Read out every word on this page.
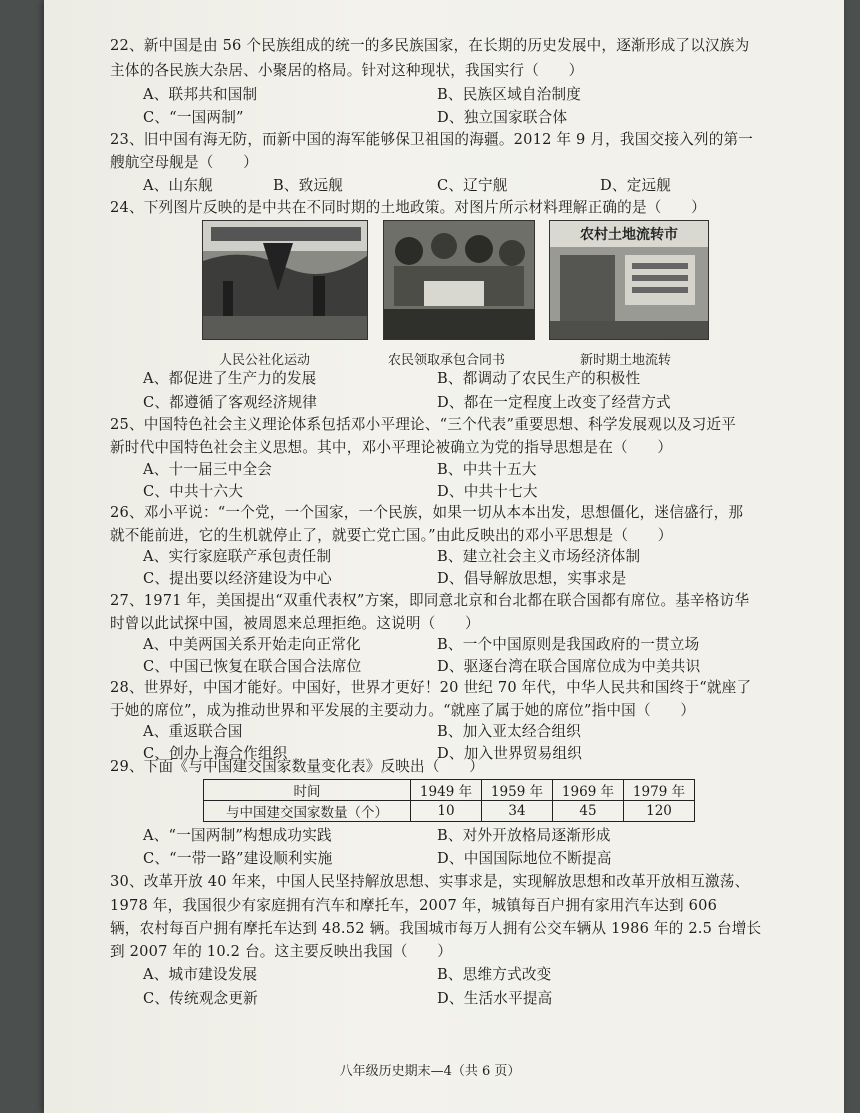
22、新中国是由 56 个民族组成的统一的多民族国家，在长期的历史发展中，逐渐形成了以汉族为
主体的各民族大杂居、小聚居的格局。针对这种现状，我国实行（　　）
A、联邦共和国制	B、民族区域自治制度
C、“一国两制”	D、独立国家联合体
23、旧中国有海无防，而新中国的海军能够保卫祖国的海疆。2012 年 9 月，我国交接入列的第一
艘航空母舰是（　　）
A、山东舰	B、致远舰	C、辽宁舰	D、定远舰
24、下列图片反映的是中共在不同时期的土地政策。对图片所示材料理解正确的是（　　）
农村土地流转市
人民公社化运动	农民领取承包合同书	新时期土地流转
A、都促进了生产力的发展	B、都调动了农民生产的积极性
C、都遵循了客观经济规律	D、都在一定程度上改变了经营方式
25、中国特色社会主义理论体系包括邓小平理论、“三个代表”重要思想、科学发展观以及习近平
新时代中国特色社会主义思想。其中，邓小平理论被确立为党的指导思想是在（　　）
A、十一届三中全会	B、中共十五大
C、中共十六大	D、中共十七大
26、邓小平说：“一个党，一个国家，一个民族，如果一切从本本出发，思想僵化，迷信盛行，那
就不能前进，它的生机就停止了，就要亡党亡国。”由此反映出的邓小平思想是（　　）
A、实行家庭联产承包责任制	B、建立社会主义市场经济体制
C、提出要以经济建设为中心	D、倡导解放思想，实事求是
27、1971 年，美国提出“双重代表权”方案，即同意北京和台北都在联合国都有席位。基辛格访华
时曾以此试探中国，被周恩来总理拒绝。这说明（　　）
A、中美两国关系开始走向正常化	B、一个中国原则是我国政府的一贯立场
C、中国已恢复在联合国合法席位	D、驱逐台湾在联合国席位成为中美共识
28、世界好，中国才能好。中国好，世界才更好！20 世纪 70 年代，中华人民共和国终于“就座了
于她的席位”，成为推动世界和平发展的主要动力。“就座了属于她的席位”指中国（　　）
A、重返联合国	B、加入亚太经合组织
C、创办上海合作组织	D、加入世界贸易组织
29、下面《与中国建交国家数量变化表》反映出（　　）
时间	1949 年	1959 年	1969 年	1979 年
与中国建交国家数量（个）	10	34	45	120
A、“一国两制”构想成功实践	B、对外开放格局逐渐形成
C、“一带一路”建设顺利实施	D、中国国际地位不断提高
30、改革开放 40 年来，中国人民坚持解放思想、实事求是，实现解放思想和改革开放相互激荡、
1978 年，我国很少有家庭拥有汽车和摩托车，2007 年，城镇每百户拥有家用汽车达到 606
辆，农村每百户拥有摩托车达到 48.52 辆。我国城市每万人拥有公交车辆从 1986 年的 2.5 台增长
到 2007 年的 10.2 台。这主要反映出我国（　　）
A、城市建设发展	B、思维方式改变
C、传统观念更新	D、生活水平提高
八年级历史期末—4（共 6 页）
